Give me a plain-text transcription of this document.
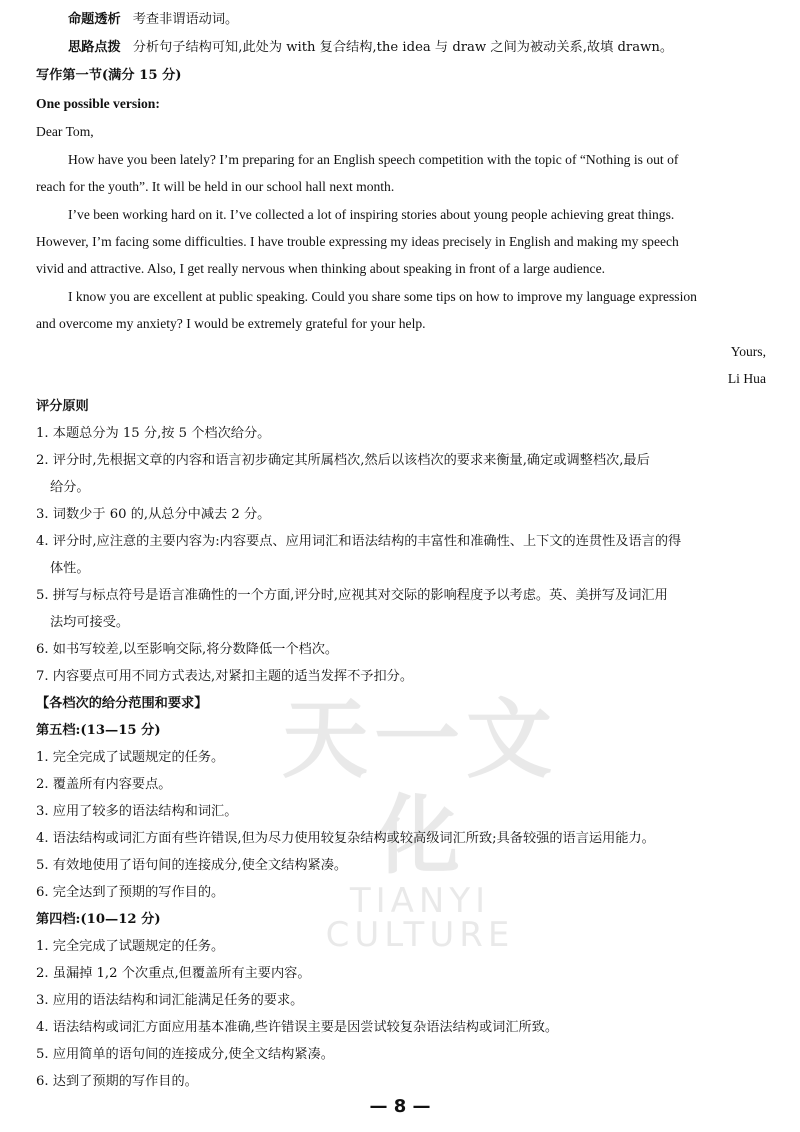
命题透析 考查非谓语动词。
思路点拨 分析句子结构可知,此处为 with 复合结构,the idea 与 draw 之间为被动关系,故填 drawn。
写作第一节(满分 15 分)
One possible version:
Dear Tom,
How have you been lately? I’m preparing for an English speech competition with the topic of “Nothing is out of
reach for the youth”. It will be held in our school hall next month.
I’ve been working hard on it. I’ve collected a lot of inspiring stories about young people achieving great things.
However, I’m facing some difficulties. I have trouble expressing my ideas precisely in English and making my speech
vivid and attractive. Also, I get really nervous when thinking about speaking in front of a large audience.
I know you are excellent at public speaking. Could you share some tips on how to improve my language expression
and overcome my anxiety? I would be extremely grateful for your help.
Yours,
Li Hua
评分原则
1. 本题总分为 15 分,按 5 个档次给分。
2. 评分时,先根据文章的内容和语言初步确定其所属档次,然后以该档次的要求来衡量,确定或调整档次,最后
给分。
3. 词数少于 60 的,从总分中减去 2 分。
4. 评分时,应注意的主要内容为:内容要点、应用词汇和语法结构的丰富性和准确性、上下文的连贯性及语言的得
体性。
5. 拼写与标点符号是语言准确性的一个方面,评分时,应视其对交际的影响程度予以考虑。英、美拼写及词汇用
法均可接受。
6. 如书写较差,以至影响交际,将分数降低一个档次。
7. 内容要点可用不同方式表达,对紧扣主题的适当发挥不予扣分。
【各档次的给分范围和要求】
第五档:(13—15 分)
1. 完全完成了试题规定的任务。
2. 覆盖所有内容要点。
3. 应用了较多的语法结构和词汇。
4. 语法结构或词汇方面有些许错误,但为尽力使用较复杂结构或较高级词汇所致;具备较强的语言运用能力。
5. 有效地使用了语句间的连接成分,使全文结构紧凑。
6. 完全达到了预期的写作目的。
第四档:(10—12 分)
1. 完全完成了试题规定的任务。
2. 虽漏掉 1,2 个次重点,但覆盖所有主要内容。
3. 应用的语法结构和词汇能满足任务的要求。
4. 语法结构或词汇方面应用基本准确,些许错误主要是因尝试较复杂语法结构或词汇所致。
5. 应用简单的语句间的连接成分,使全文结构紧凑。
6. 达到了预期的写作目的。
天一文化
TIANYI CULTURE
— 8 —
